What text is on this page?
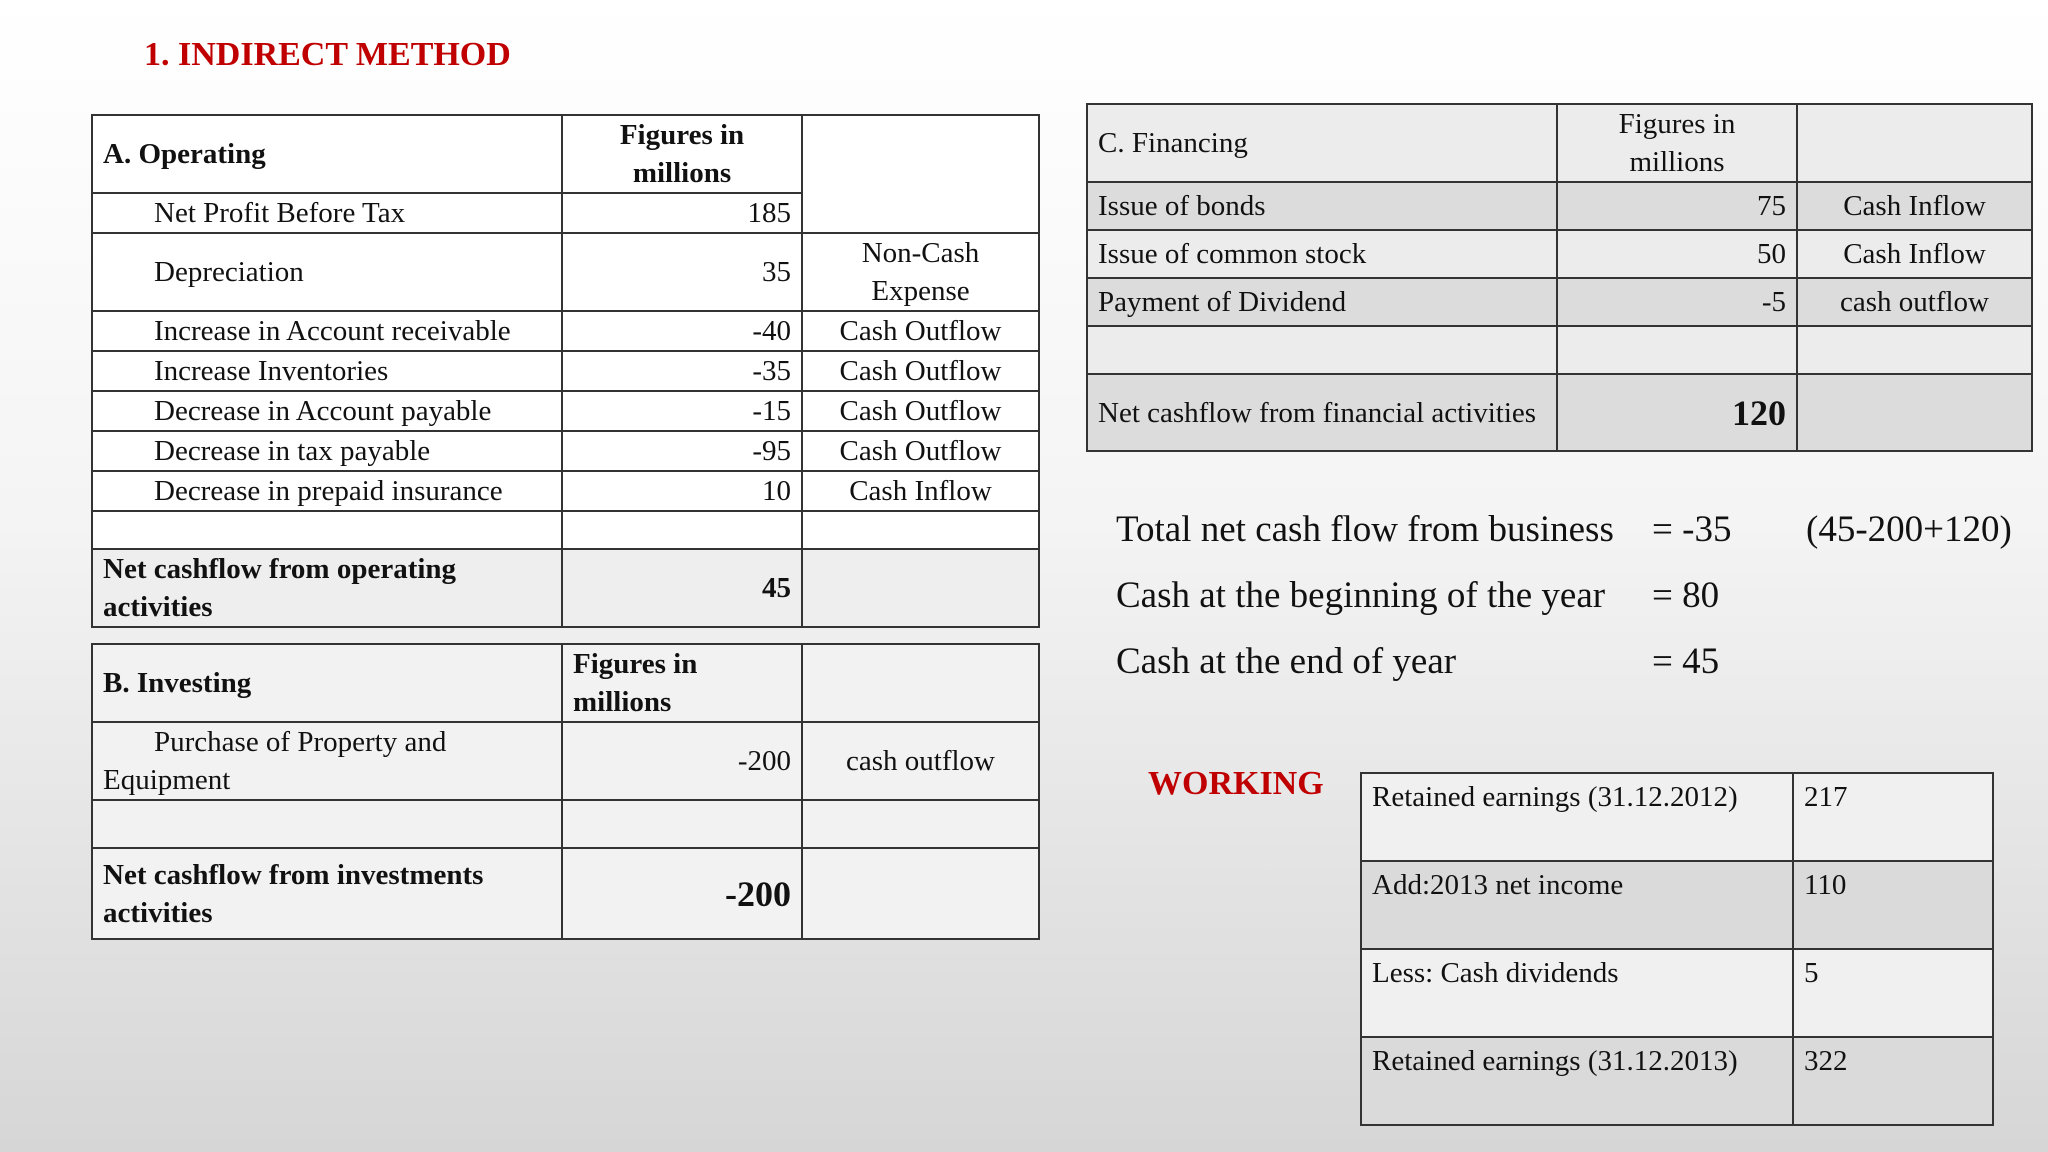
1. INDIRECT METHOD
A. Operating	Figures in millions	
Net Profit Before Tax	185	
Depreciation	35	Non-Cash Expense
Increase in Account receivable	-40	Cash Outflow
Increase Inventories	-35	Cash Outflow
Decrease in Account payable	-15	Cash Outflow
Decrease in tax payable	-95	Cash Outflow
Decrease in prepaid insurance	10	Cash Inflow

Net cashflow from operating activities	45	
B. Investing	Figures in millions	
Purchase of Property and Equipment	-200	cash outflow

Net cashflow from investments activities	-200	
C. Financing	Figures in millions	
Issue of bonds	75	Cash Inflow
Issue of common stock	50	Cash Inflow
Payment of Dividend	-5	cash outflow

Net cashflow from financial activities	120	
Total net cash flow from business = -35 (45-200+120)
Cash at the beginning of the year = 80
Cash at the end of year	= 45
WORKING Retained earnings (31.12.2012)	217
Add:2013 net income	110
Less: Cash dividends	5
Retained earnings (31.12.2013)	322
